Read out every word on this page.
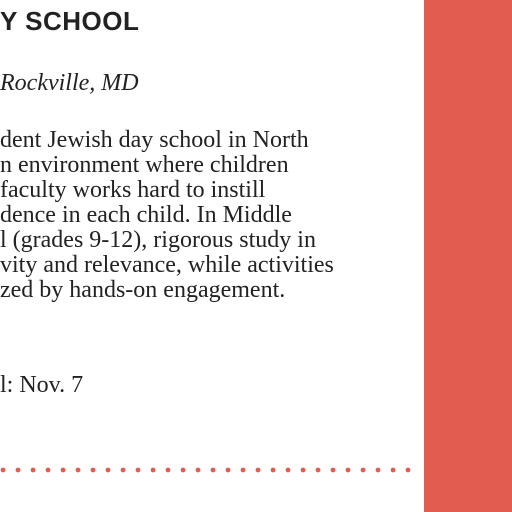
Y SCHOOL

Rockville, MD

dent Jewish day school in North
n environment where children
faculty works hard to instill
dence in each child. In Middle
l (grades 9-12), rigorous study in
vity and relevance, while activities
zed by hands-on engagement.

l: Nov. 7
